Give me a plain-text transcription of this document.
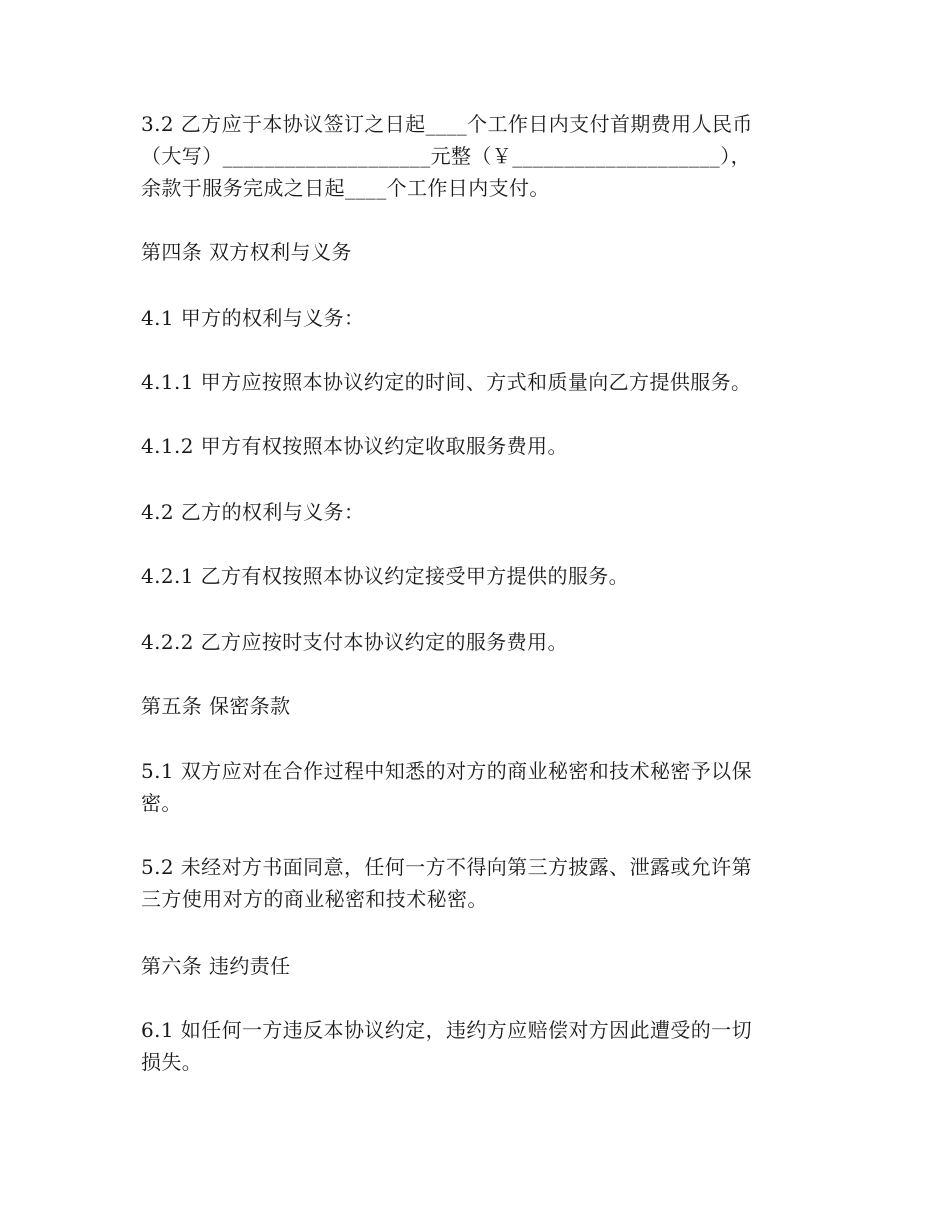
3.2 乙方应于本协议签订之日起____个工作日内支付首期费用人民币
（大写）____________________元整（￥____________________），
余款于服务完成之日起____个工作日内支付。
第四条 双方权利与义务
4.1 甲方的权利与义务：
4.1.1 甲方应按照本协议约定的时间、方式和质量向乙方提供服务。
4.1.2 甲方有权按照本协议约定收取服务费用。
4.2 乙方的权利与义务：
4.2.1 乙方有权按照本协议约定接受甲方提供的服务。
4.2.2 乙方应按时支付本协议约定的服务费用。
第五条 保密条款
5.1 双方应对在合作过程中知悉的对方的商业秘密和技术秘密予以保
密。
5.2 未经对方书面同意，任何一方不得向第三方披露、泄露或允许第
三方使用对方的商业秘密和技术秘密。
第六条 违约责任
6.1 如任何一方违反本协议约定，违约方应赔偿对方因此遭受的一切
损失。
